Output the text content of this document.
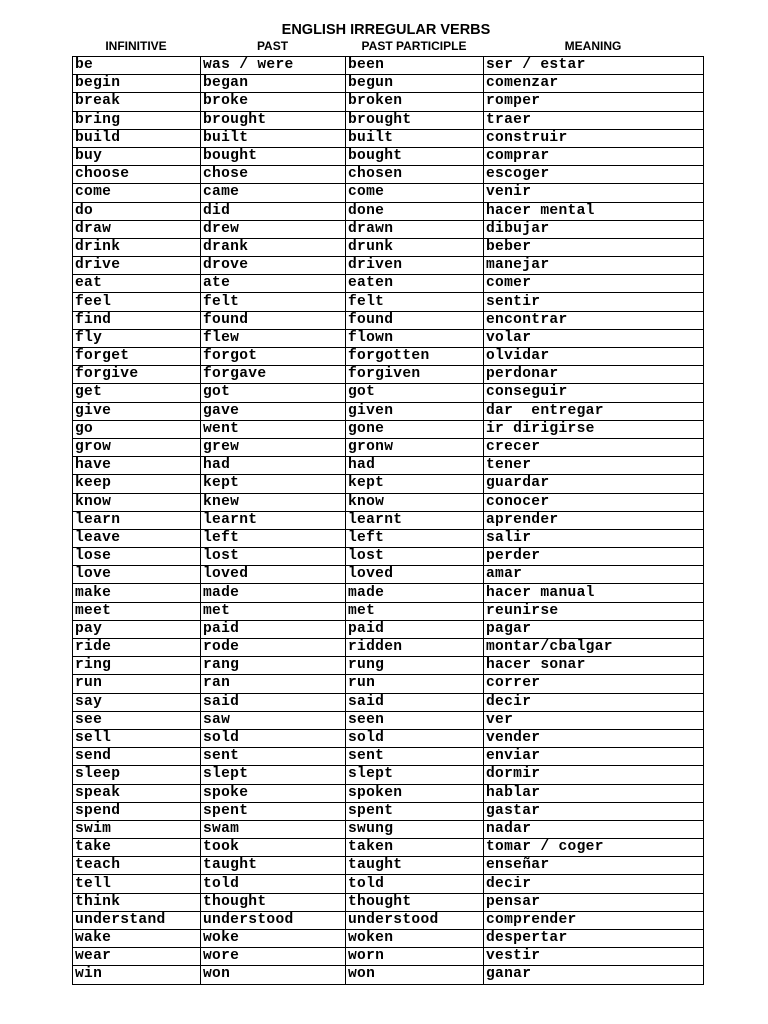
ENGLISH IRREGULAR VERBS
INFINITIVE	PAST	PAST PARTICIPLE	MEANING
be	was / were	been	ser / estar
begin	began	begun	comenzar
break	broke	broken	romper
bring	brought	brought	traer
build	built	built	construir
buy	bought	bought	comprar
choose	chose	chosen	escoger
come	came	come	venir
do	did	done	hacer mental
draw	drew	drawn	dibujar
drink	drank	drunk	beber
drive	drove	driven	manejar
eat	ate	eaten	comer
feel	felt	felt	sentir
find	found	found	encontrar
fly	flew	flown	volar
forget	forgot	forgotten	olvidar
forgive	forgave	forgiven	perdonar
get	got	got	conseguir
give	gave	given	dar  entregar
go	went	gone	ir dirigirse
grow	grew	gronw	crecer
have	had	had	tener
keep	kept	kept	guardar
know	knew	know	conocer
learn	learnt	learnt	aprender
leave	left	left	salir
lose	lost	lost	perder
love	loved	loved	amar
make	made	made	hacer manual
meet	met	met	reunirse
pay	paid	paid	pagar
ride	rode	ridden	montar/cbalgar
ring	rang	rung	hacer sonar
run	ran	run	correr
say	said	said	decir
see	saw	seen	ver
sell	sold	sold	vender
send	sent	sent	enviar
sleep	slept	slept	dormir
speak	spoke	spoken	hablar
spend	spent	spent	gastar
swim	swam	swung	nadar
take	took	taken	tomar / coger
teach	taught	taught	enseñar
tell	told	told	decir
think	thought	thought	pensar
understand	understood	understood	comprender
wake	woke	woken	despertar
wear	wore	worn	vestir
win	won	won	ganar
